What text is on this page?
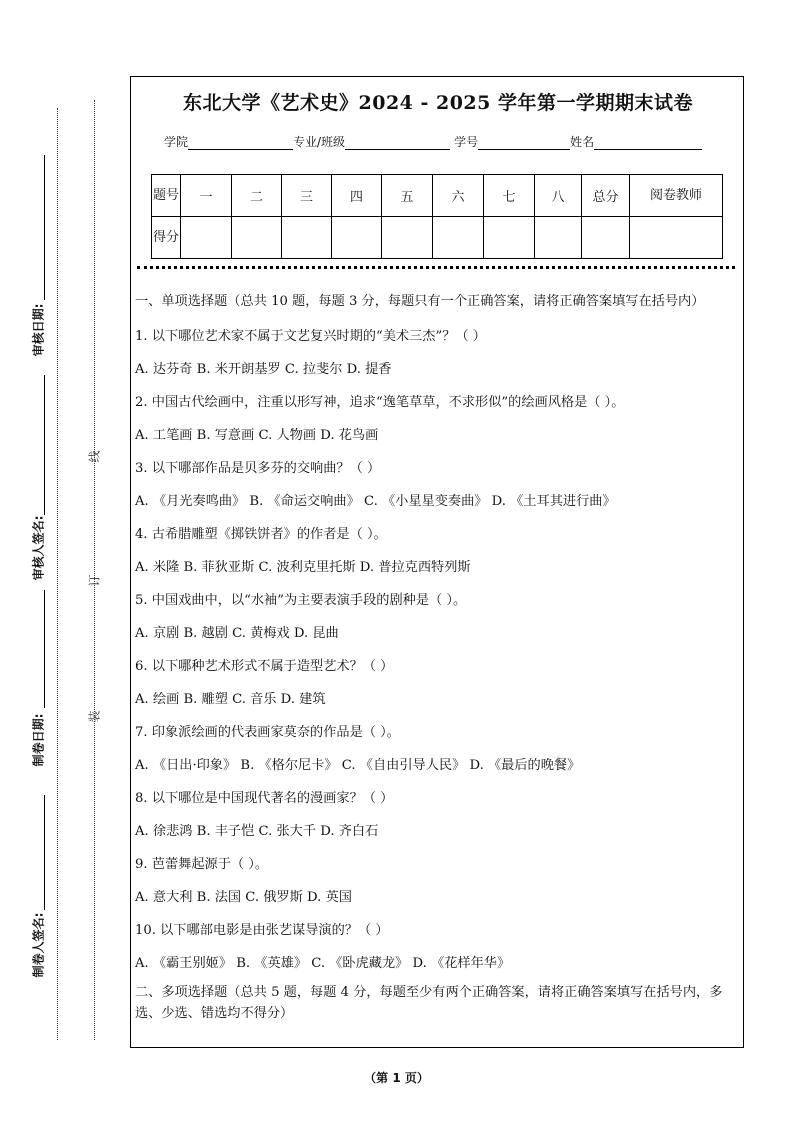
审核日期:
审核人签名:
制卷日期:
制卷人签名:
线
订
装
东北大学《艺术史》2024 - 2025 学年第一学期期末试卷
学院	专业/班级	学号	姓名
题号	一	二	三	四	五	六	七	八	总分	阅卷教师
得分										
一、单项选择题（总共 10 题，每题 3 分，每题只有一个正确答案，请将正确答案填写在括号内）
1. 以下哪位艺术家不属于文艺复兴时期的“美术三杰”？（ ）
A. 达芬奇 B. 米开朗基罗 C. 拉斐尔 D. 提香
2. 中国古代绘画中，注重以形写神，追求“逸笔草草，不求形似”的绘画风格是（ ）。
A. 工笔画 B. 写意画 C. 人物画 D. 花鸟画
3. 以下哪部作品是贝多芬的交响曲？（ ）
A. 《月光奏鸣曲》 B. 《命运交响曲》 C. 《小星星变奏曲》 D. 《土耳其进行曲》
4. 古希腊雕塑《掷铁饼者》的作者是（ ）。
A. 米隆 B. 菲狄亚斯 C. 波利克里托斯 D. 普拉克西特列斯
5. 中国戏曲中，以“水袖”为主要表演手段的剧种是（ ）。
A. 京剧 B. 越剧 C. 黄梅戏 D. 昆曲
6. 以下哪种艺术形式不属于造型艺术？（ ）
A. 绘画 B. 雕塑 C. 音乐 D. 建筑
7. 印象派绘画的代表画家莫奈的作品是（ ）。
A. 《日出·印象》 B. 《格尔尼卡》 C. 《自由引导人民》 D. 《最后的晚餐》
8. 以下哪位是中国现代著名的漫画家？（ ）
A. 徐悲鸿 B. 丰子恺 C. 张大千 D. 齐白石
9. 芭蕾舞起源于（ ）。
A. 意大利 B. 法国 C. 俄罗斯 D. 英国
10. 以下哪部电影是由张艺谋导演的？（ ）
A. 《霸王别姬》 B. 《英雄》 C. 《卧虎藏龙》 D. 《花样年华》
二、多项选择题（总共 5 题，每题 4 分，每题至少有两个正确答案，请将正确答案填写在括号内，多选、少选、错选均不得分）
（第 1 页）
